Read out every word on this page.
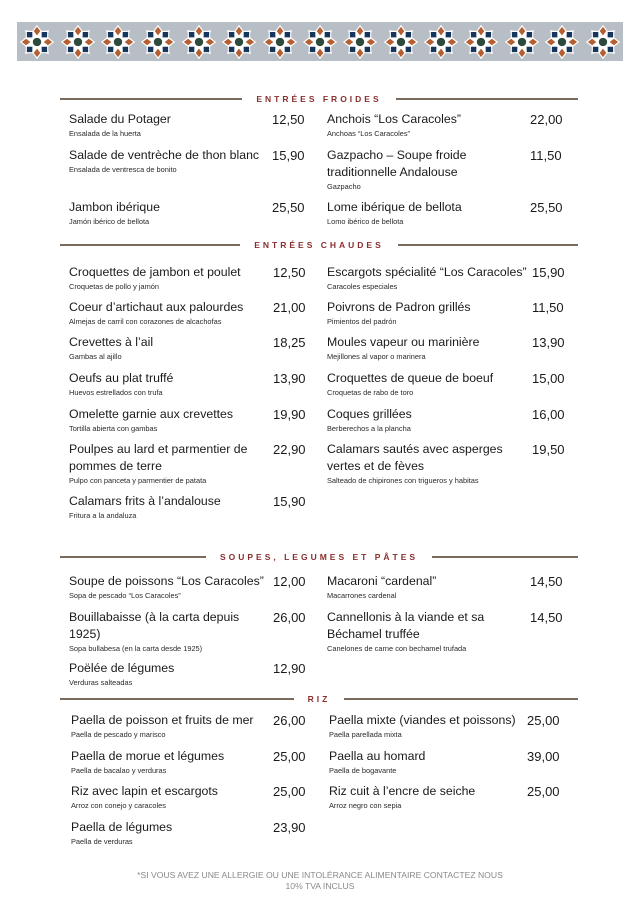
ENTRÉES FROIDES
Salade du Potager
Ensalada de la huerta
12,50
Salade de ventrèche de thon blanc
Ensalada de ventresca de bonito
15,90
Jambon ibérique
Jamón ibérico de bellota
25,50
Anchois “Los Caracoles”
Anchoas “Los Caracoles”
22,00
Gazpacho – Soupe froide traditionnelle Andalouse
Gazpacho
11,50
Lome ibérique de bellota
Lomo ibérico de bellota
25,50
ENTRÉES CHAUDES
Croquettes de jambon et poulet
Croquetas de pollo y jamón
12,50
Coeur d’artichaut aux palourdes
Almejas de carril con corazones de alcachofas
21,00
Crevettes à l’ail
Gambas al ajillo
18,25
Oeufs au plat truffé
Huevos estrellados con trufa
13,90
Omelette garnie aux crevettes
Tortilla abierta con gambas
19,90
Poulpes au lard et parmentier de pommes de terre
Pulpo con panceta y parmentier de patata
22,90
Calamars frits à l’andalouse
Fritura a la andaluza
15,90
Escargots spécialité “Los Caracoles”
Caracoles especiales
15,90
Poivrons de Padron grillés
Pimientos del padrón
11,50
Moules vapeur ou marinière
Mejillones al vapor o marinera
13,90
Croquettes de queue de boeuf
Croquetas de rabo de toro
15,00
Coques grillées
Berberechos a la plancha
16,00
Calamars sautés avec asperges vertes et de fèves
Salteado de chipirones con trigueros y habitas
19,50
SOUPES, LEGUMES ET PÂTES
Soupe de poissons “Los Caracoles”
Sopa de pescado “Los Caracoles”
12,00
Bouillabaisse (à la carta depuis 1925)
Sopa bullabesa (en la carta desde 1925)
26,00
Poëlée de légumes
Verduras salteadas
12,90
Macaroni “cardenal”
Macarrones cardenal
14,50
Cannellonis à la viande et sa Béchamel truffée
Canelones de carne con bechamel trufada
14,50
RIZ
Paella de poisson et fruits de mer
Paella de pescado y marisco
26,00
Paella de morue et légumes
Paella de bacalao y verduras
25,00
Riz avec lapin et escargots
Arroz con conejo y caracoles
25,00
Paella de légumes
Paella de verduras
23,90
Paella mixte (viandes et poissons)
Paella parellada mixta
25,00
Paella au homard
Paella de bogavante
39,00
Riz cuit à l’encre de seiche
Arroz negro con sepia
25,00
*SI VOUS AVEZ UNE ALLERGIE OU UNE INTOLÉRANCE ALIMENTAIRE CONTACTEZ NOUS
10% TVA INCLUS
